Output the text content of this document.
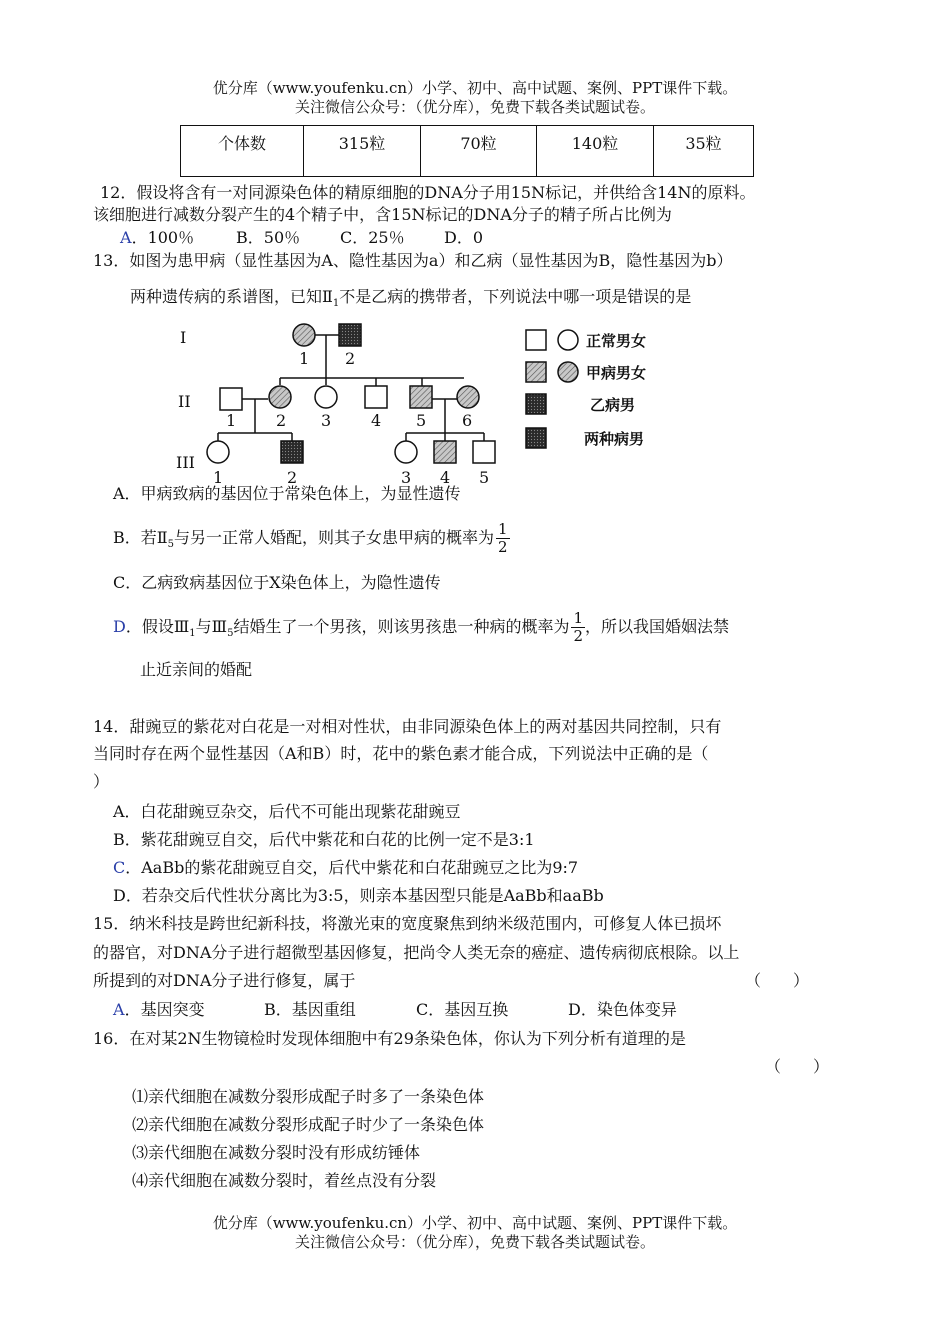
优分库（www.youfenku.cn）小学、初中、高中试题、案例、PPT课件下载。
关注微信公众号：（优分库），免费下载各类试题试卷。
个体数	315粒	70粒	140粒	35粒
12．假设将含有一对同源染色体的精原细胞的DNA分子用15N标记，并供给含14N的原料。
该细胞进行减数分裂产生的4个精子中，含15N标记的DNA分子的精子所占比例为
A．100％	B．50％ C．25％ D．0
13．如图为患甲病（显性基因为A、隐性基因为a）和乙病（显性基因为B，隐性基因为b）
两种遗传病的系谱图，已知$Ⅱ_1$不是乙病的携带者，下列说法中哪一项是错误的是
I
II
III
1 2
1 2 3 4 5 6
1	2	3 4 5
正常男女
甲病男女
乙病男
两种病男
A．甲病致病的基因位于常染色体上，为显性遗传
B．若$Ⅱ_5$与另一正常人婚配，则其子女患甲病的概率为 $\frac{1}{2}$
C．乙病致病基因位于X染色体上，为隐性遗传
D．假设$Ⅲ_1$与$Ⅲ_5$结婚生了一个男孩，则该男孩患一种病的概率为 $\frac{1}{2}$ ，所以我国婚姻法禁
止近亲间的婚配
14．甜豌豆的紫花对白花是一对相对性状，由非同源染色体上的两对基因共同控制，只有
当同时存在两个显性基因（A和B）时，花中的紫色素才能合成，下列说法中正确的是（
）
A．白花甜豌豆杂交，后代不可能出现紫花甜豌豆
B．紫花甜豌豆自交，后代中紫花和白花的比例一定不是3:1
C．AaBb的紫花甜豌豆自交，后代中紫花和白花甜豌豆之比为9:7
D．若杂交后代性状分离比为3:5，则亲本基因型只能是AaBb和aaBb
15．纳米科技是跨世纪新科技，将激光束的宽度聚焦到纳米级范围内，可修复人体已损坏
的器官，对DNA分子进行超微型基因修复，把尚令人类无奈的癌症、遗传病彻底根除。以上
所提到的对DNA分子进行修复，属于	（　　）
A．基因突变	B．基因重组	C．基因互换	D．染色体变异
16．在对某2N生物镜检时发现体细胞中有29条染色体，你认为下列分析有道理的是
（　　）
⑴亲代细胞在减数分裂形成配子时多了一条染色体
⑵亲代细胞在减数分裂形成配子时少了一条染色体
⑶亲代细胞在减数分裂时没有形成纺锤体
⑷亲代细胞在减数分裂时，着丝点没有分裂
优分库（www.youfenku.cn）小学、初中、高中试题、案例、PPT课件下载。
关注微信公众号：（优分库），免费下载各类试题试卷。
